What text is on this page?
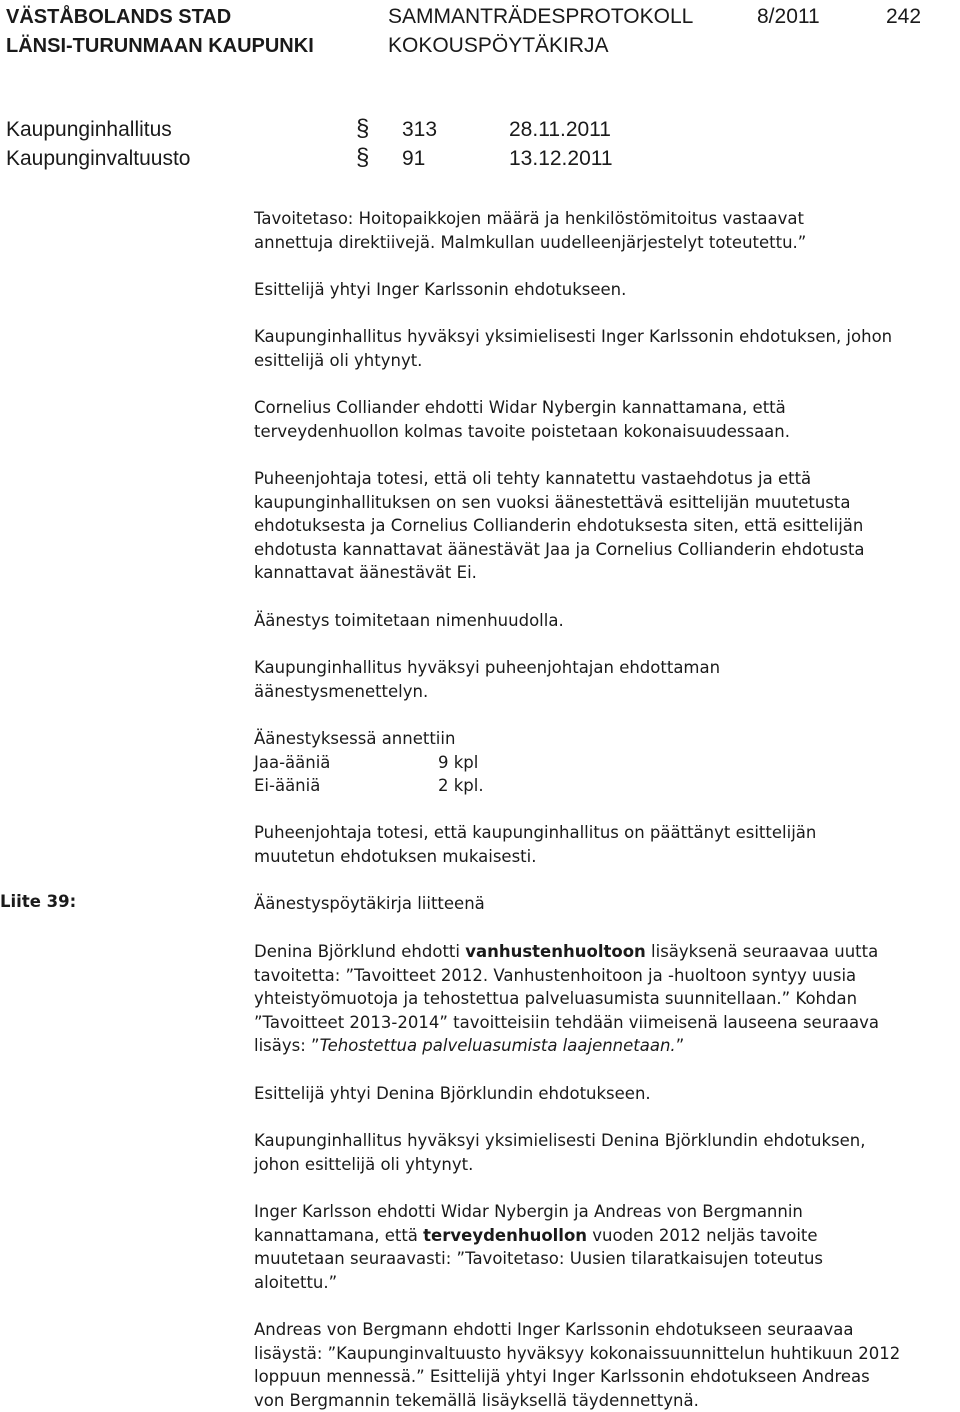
VÄSTÅBOLANDS STAD
LÄNSI-TURUNMAAN KAUPUNKI
SAMMANTRÄDESPROTOKOLL
KOKOUSPÖYTÄKIRJA
8/2011	242
Kaupunginhallitus	§ 313	28.11.2011
Kaupunginvaltuusto	§ 91	13.12.2011
Tavoitetaso: Hoitopaikkojen määrä ja henkilöstömitoitus vastaavat
annettuja direktiivejä. Malmkullan uudelleenjärjestelyt toteutettu.”
Esittelijä yhtyi Inger Karlssonin ehdotukseen.
Kaupunginhallitus hyväksyi yksimielisesti Inger Karlssonin ehdotuksen, johon
esittelijä oli yhtynyt.
Cornelius Colliander ehdotti Widar Nybergin kannattamana, että
terveydenhuollon kolmas tavoite poistetaan kokonaisuudessaan.
Puheenjohtaja totesi, että oli tehty kannatettu vastaehdotus ja että
kaupunginhallituksen on sen vuoksi äänestettävä esittelijän muutetusta
ehdotuksesta ja Cornelius Collianderin ehdotuksesta siten, että esittelijän
ehdotusta kannattavat äänestävät Jaa ja Cornelius Collianderin ehdotusta
kannattavat äänestävät Ei.
Äänestys toimitetaan nimenhuudolla.
Kaupunginhallitus hyväksyi puheenjohtajan ehdottaman
äänestysmenettelyn.
Äänestyksessä annettiin
Jaa-ääniä	9 kpl
Ei-ääniä	2 kpl.
Puheenjohtaja totesi, että kaupunginhallitus on päättänyt esittelijän
muutetun ehdotuksen mukaisesti.
Liite 39:	Äänestyspöytäkirja liitteenä
Denina Björklund ehdotti vanhustenhuoltoon lisäyksenä seuraavaa uutta
tavoitetta: ”Tavoitteet 2012. Vanhustenhoitoon ja -huoltoon syntyy uusia
yhteistyömuotoja ja tehostettua palveluasumista suunnitellaan.” Kohdan
”Tavoitteet 2013-2014” tavoitteisiin tehdään viimeisenä lauseena seuraava
lisäys: ”Tehostettua palveluasumista laajennetaan.”
Esittelijä yhtyi Denina Björklundin ehdotukseen.
Kaupunginhallitus hyväksyi yksimielisesti Denina Björklundin ehdotuksen,
johon esittelijä oli yhtynyt.
Inger Karlsson ehdotti Widar Nybergin ja Andreas von Bergmannin
kannattamana, että terveydenhuollon vuoden 2012 neljäs tavoite
muutetaan seuraavasti: ”Tavoitetaso: Uusien tilaratkaisujen toteutus
aloitettu.”
Andreas von Bergmann ehdotti Inger Karlssonin ehdotukseen seuraavaa
lisäystä: ”Kaupunginvaltuusto hyväksyy kokonaissuunnittelun huhtikuun 2012
loppuun mennessä.” Esittelijä yhtyi Inger Karlssonin ehdotukseen Andreas
von Bergmannin tekemällä lisäyksellä täydennettynä.
